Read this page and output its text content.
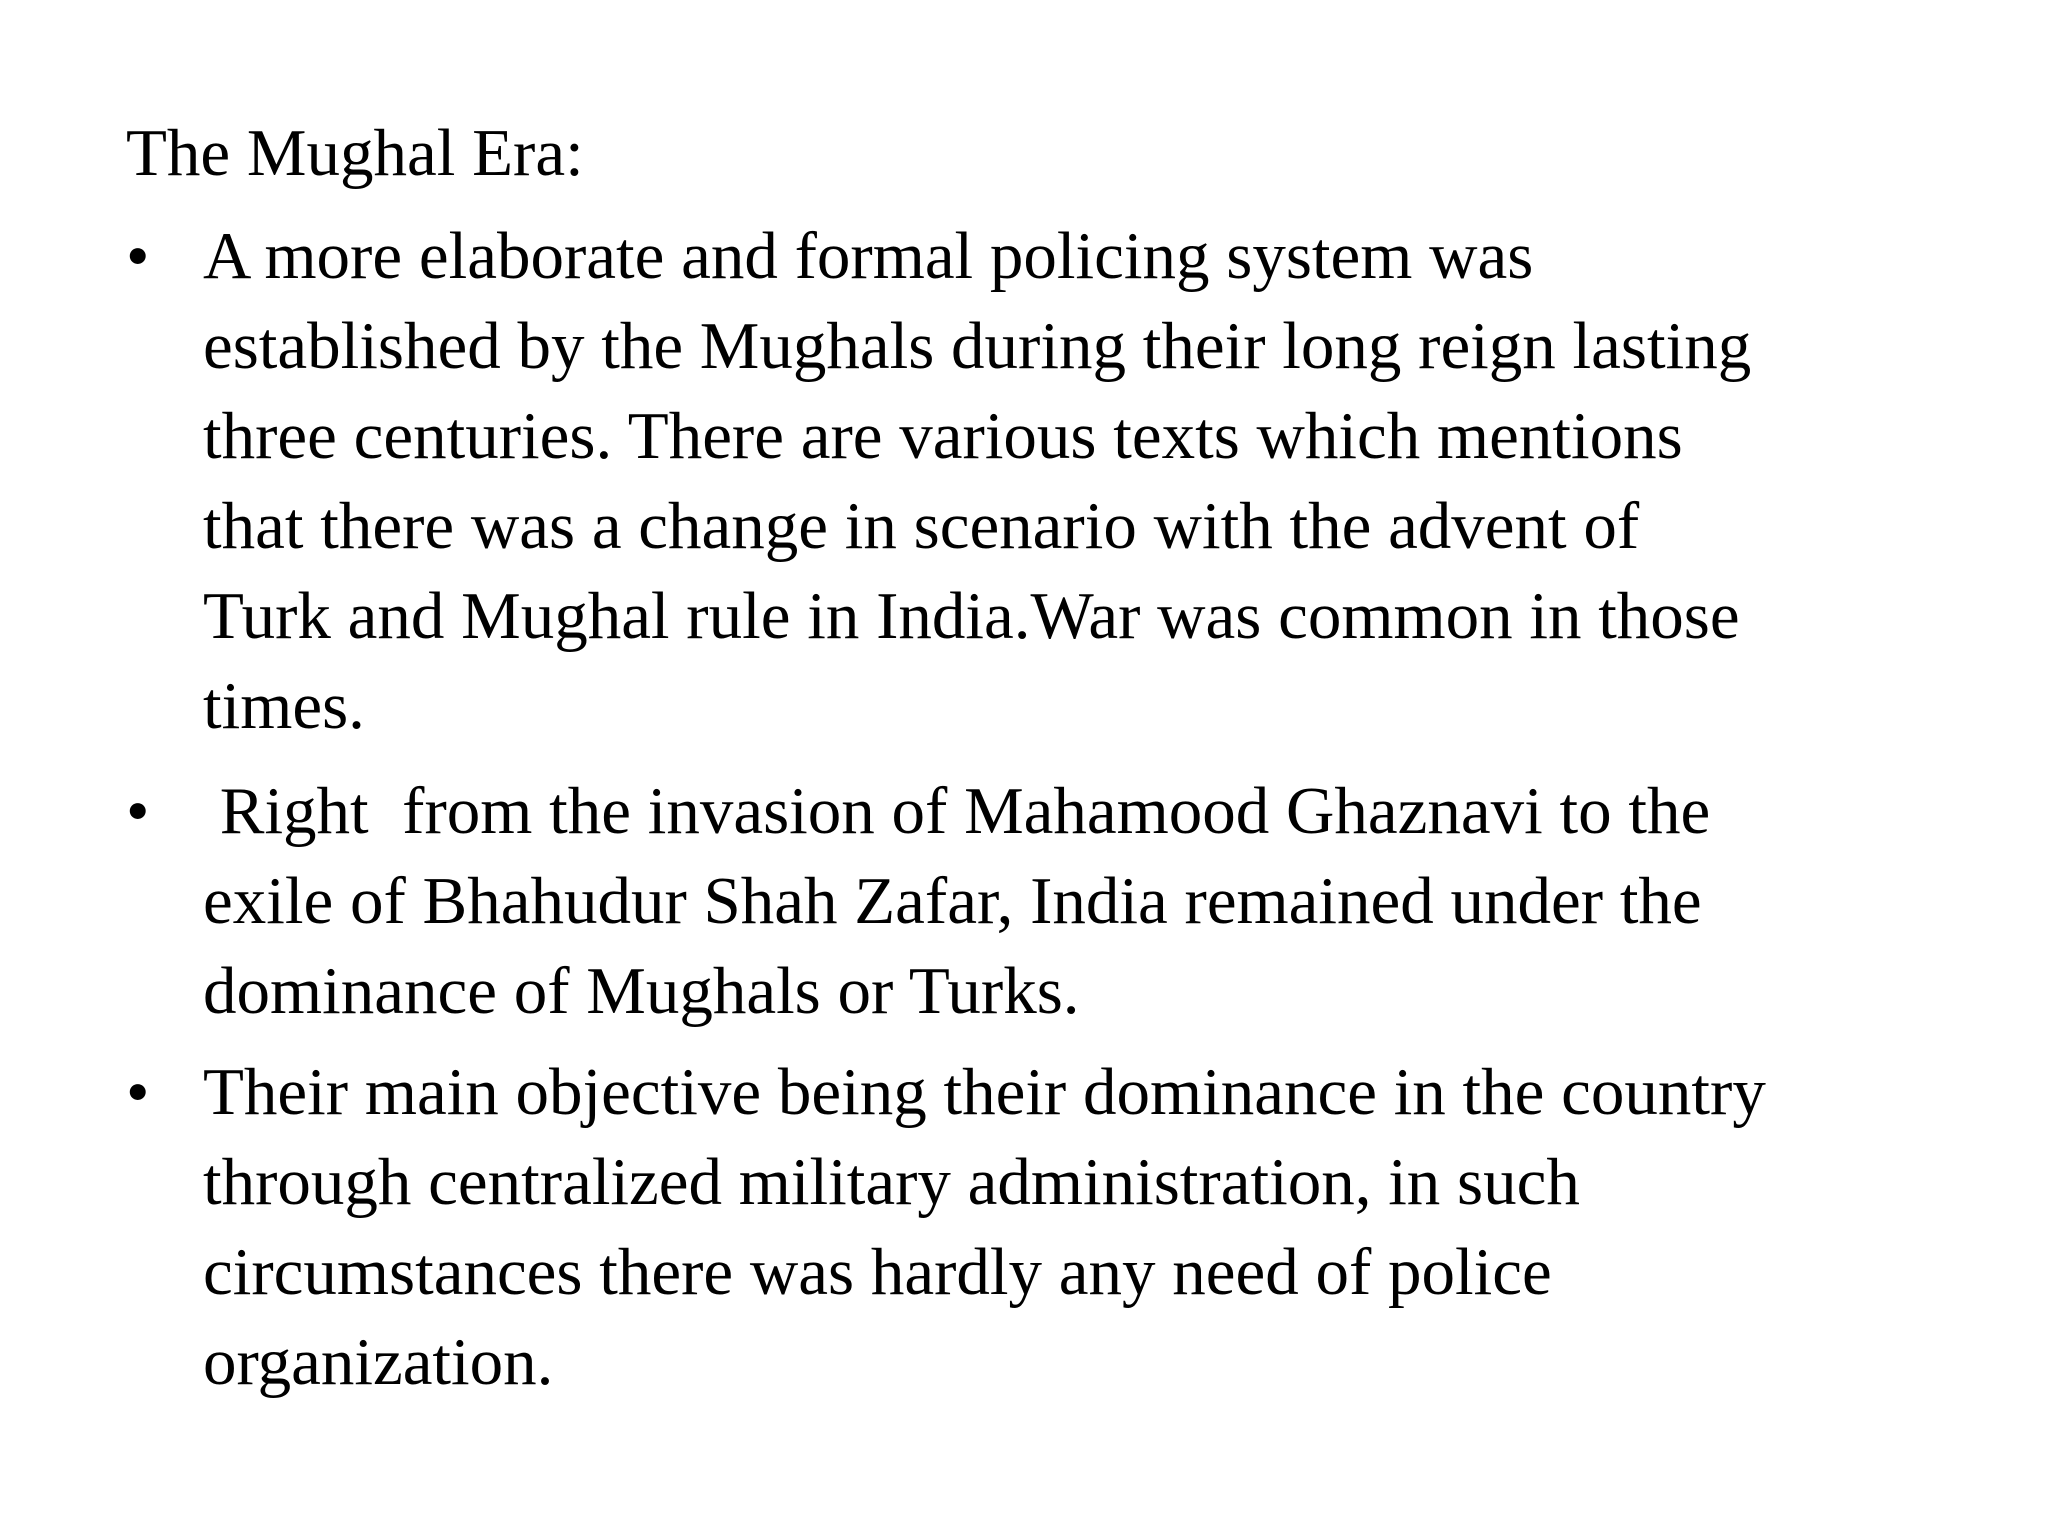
The Mughal Era:
• A more elaborate and formal policing system was
established by the Mughals during their long reign lasting
three centuries. There are various texts which mentions
that there was a change in scenario with the advent of
Turk and Mughal rule in India.War was common in those
times.
• Right  from the invasion of Mahamood Ghaznavi to the
exile of Bhahudur Shah Zafar, India remained under the
dominance of Mughals or Turks.
• Their main objective being their dominance in the country
through centralized military administration, in such
circumstances there was hardly any need of police
organization.
